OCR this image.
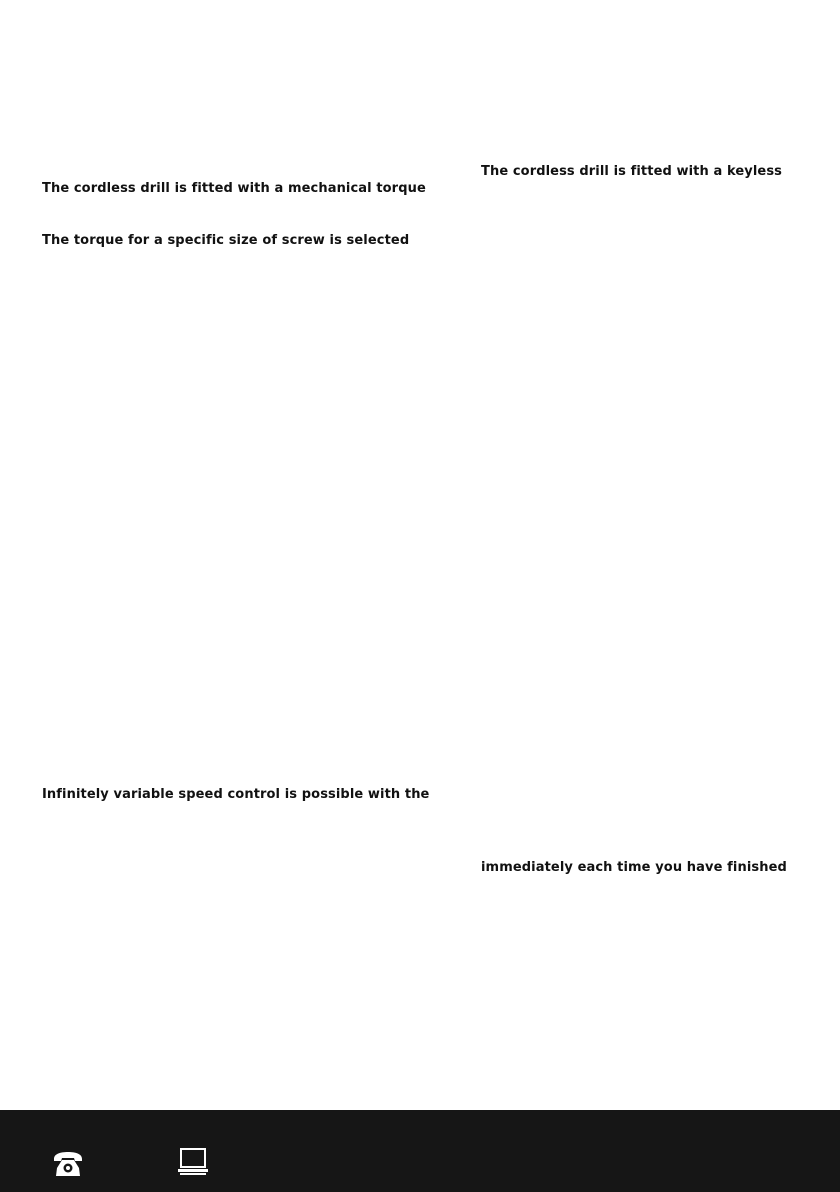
The cordless drill is fitted with a mechanical torque
The torque for a specific size of screw is selected
Infinitely variable speed control is possible with the
The cordless drill is fitted with a keyless
immediately each time you have finished
